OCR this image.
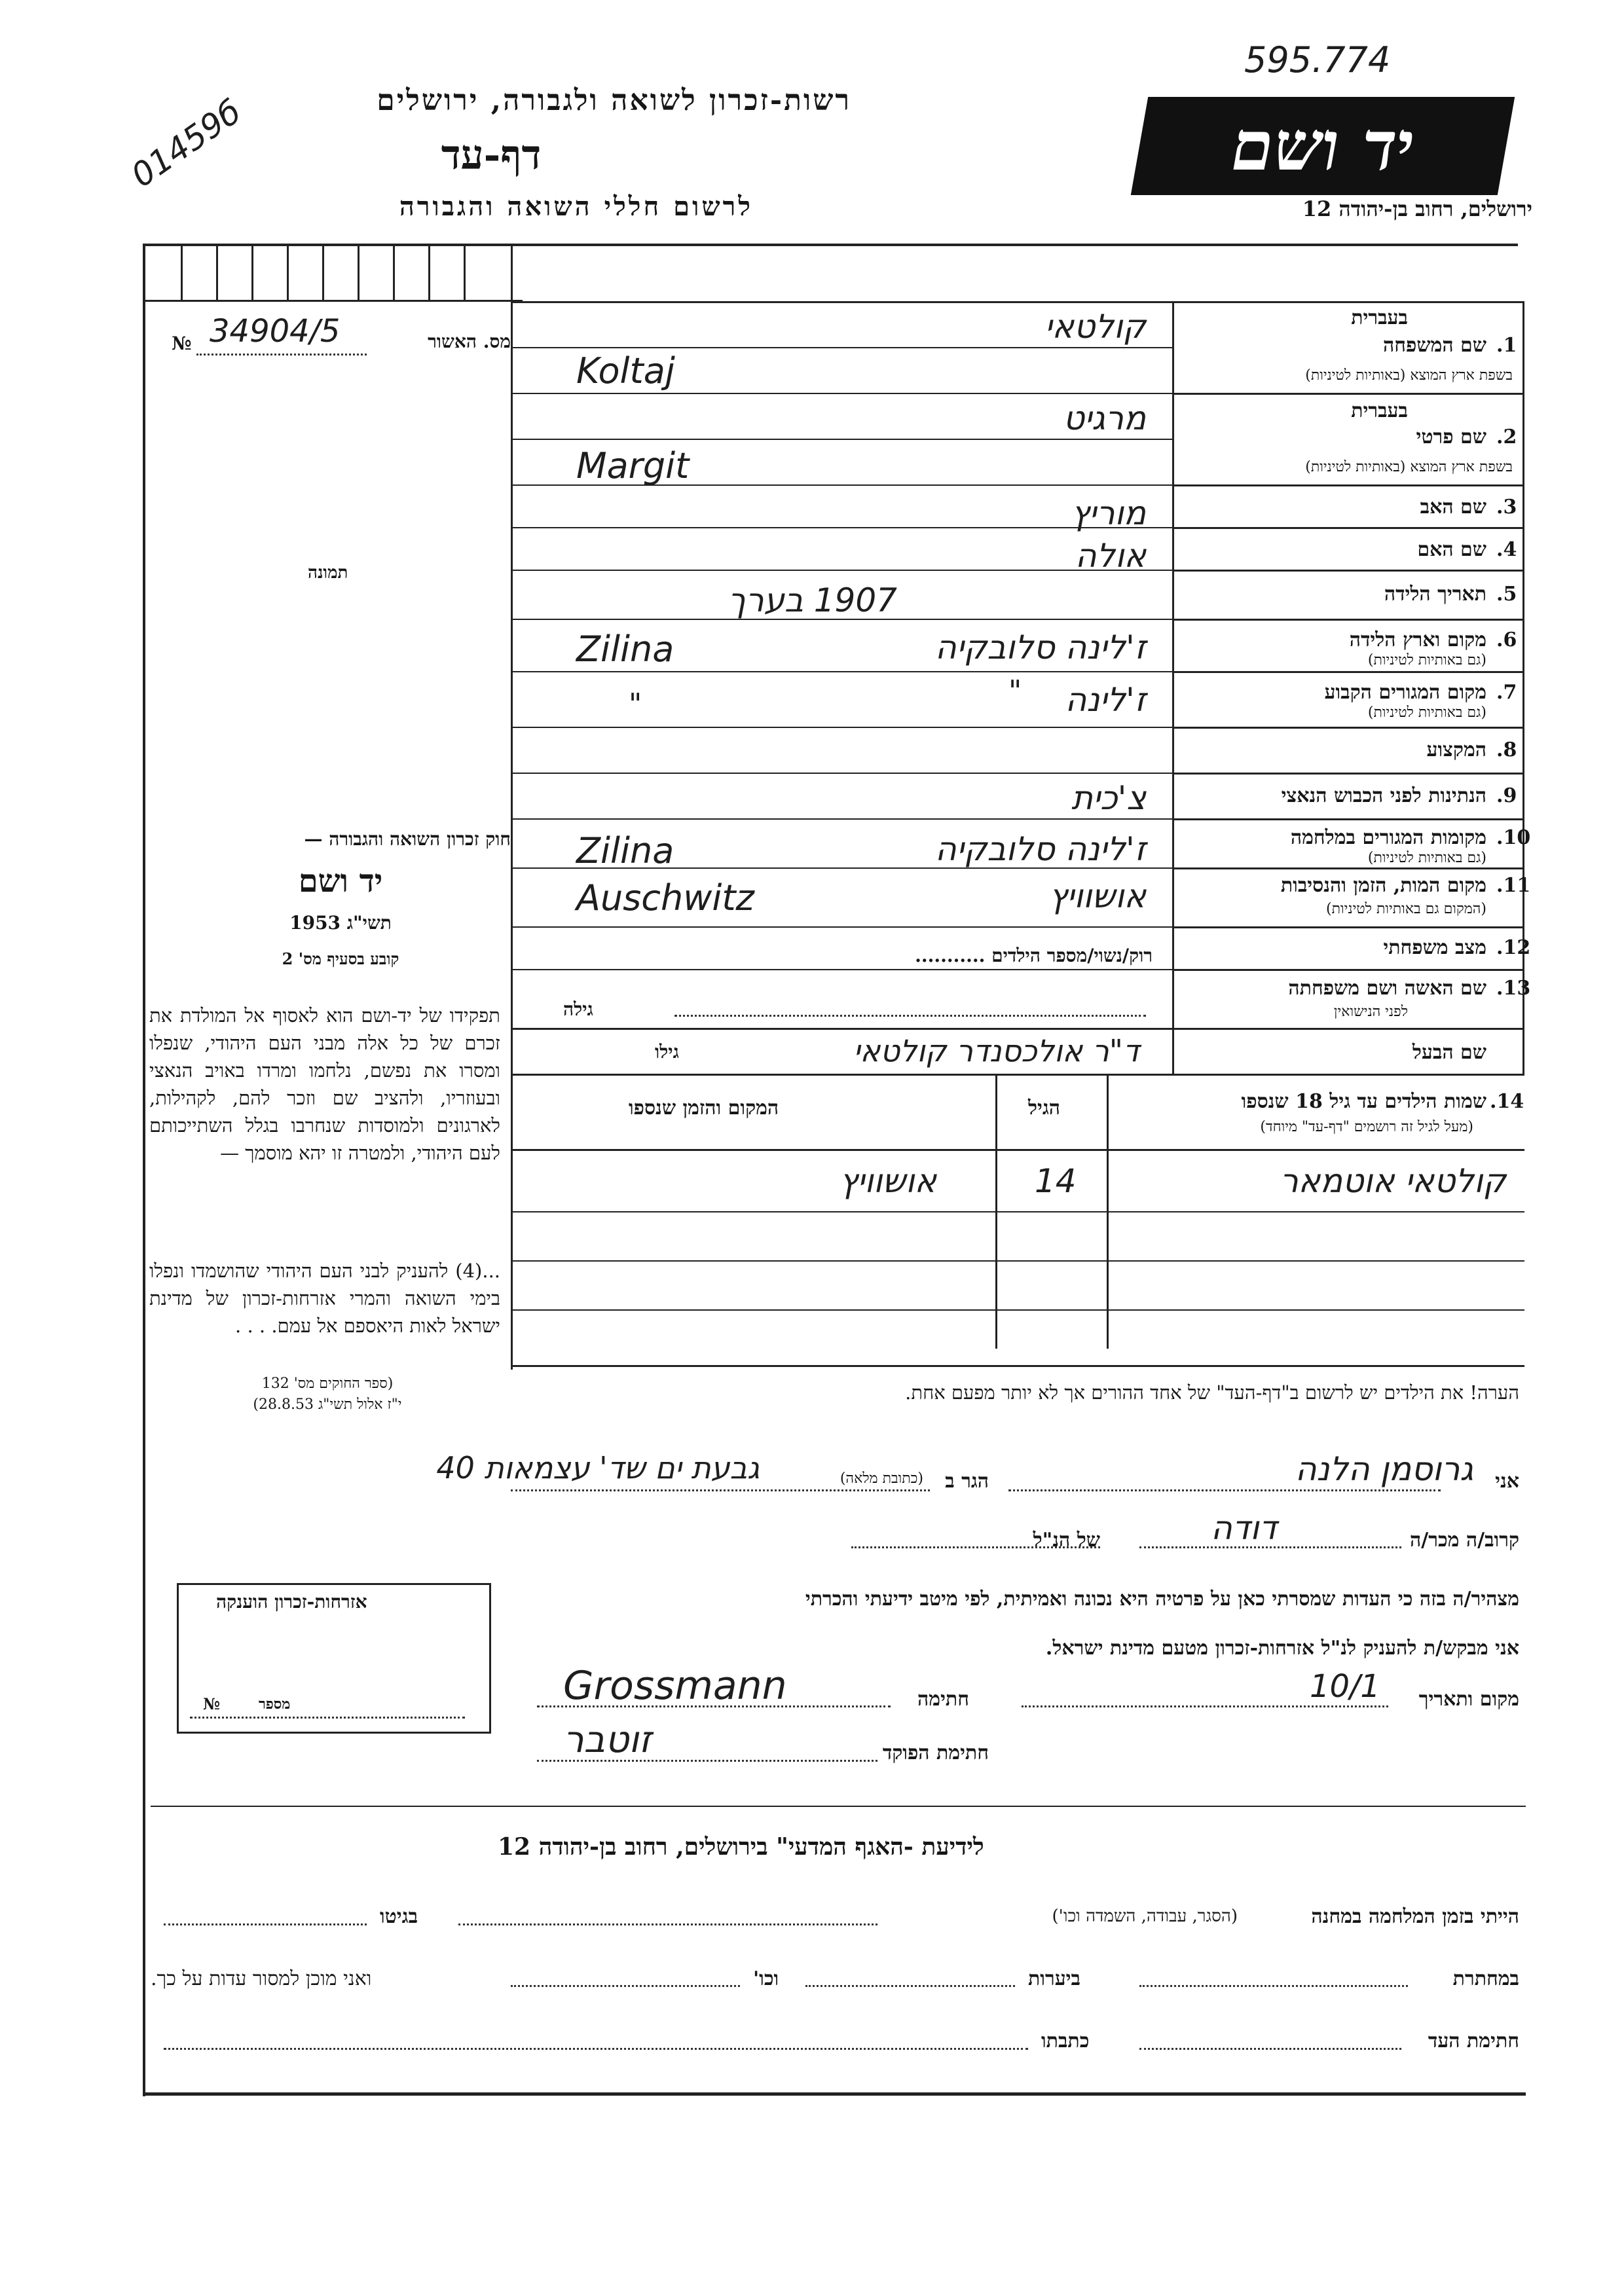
595.774
01459б	רשות-זכרון לשואה ולגבורה, ירושלים
דף-עד
לרשום חללי השואה והגבורה
יד ושם
ירושלים, רחוב בן-יהודה 12
מס. האשור
№ 34904/5
תמונה
חוק זכרון השואה והגבורה —
יד ושם
1953 תשי"ג
קובע בסעיף מס' 2
תפקידו של יד-ושם הוא לאסוף אל המולדת את זכרם של כל אלה מבני העם היהודי, שנפלו ומסרו את נפשם, נלחמו ומרדו באויב הנאצי ובעוזריו, ולהציב שם וזכר להם, לקהילות, לארגונים ולמוסדות שנחרבו בגלל השתייכותם לעם היהודי, ולמטרה זו יהא מוסמך —
...(4) להעניק לבני העם היהודי שהושמדו ונפלו בימי השואה והמרי אזרחות-זכרון של מדינת ישראל לאות היאספם אל עמם. . . .
(ספר החוקים מס' 132
י"ז אלול תשי"ג 28.8.53)
אזרחות-זכרון הוענקה
מספר
№
1.
שם המשפחה
בעברית
בשפת ארץ המוצא (באותיות לטיניות)
קולטאי
Koltaj
2.
שם פרטי
בעברית
בשפת ארץ המוצא (באותיות לטיניות)
מרגיט
Margit
3.
שם האב
מוריץ
4.
שם האם
אולה
5.
תאריך הלידה
1907 בערך
6.
מקום וארץ הלידה
(גם באותיות לטיניות)
ז'לינה סלובקיה
Zilina
7.
מקום המגורים הקבוע
(גם באותיות לטיניות)
ז'לינה
"
"
8.
המקצוע
9.
הנתינות לפני הכבוש הנאצי
צ'כית
10.
מקומות המגורים במלחמה
(גם באותיות לטיניות)
ז'לינה סלובקיה
Zilina
11.
מקום המות, הזמן והנסיבות
(המקום גם באותיות לטיניות)
אושוויץ
Auschwitz
12.
מצב משפחתי
רוק/נשוי/מספר הילדים ...........
13.
שם האשה ושם משפחתה
לפני הנישואין
גילה
שם הבעל
ד"ר אולכסנדר קולטאי
גילו
14.
שמות הילדים עד גיל 18 שנספו
(מעל לגיל זה רושמים "דף-עד" מיוחד)
הגיל
המקום והזמן שנספו
קולטאי אוטמאר
14
אושוויץ
הערה! את הילדים יש לרשום ב"דף-העד" של אחד ההורים אך לא יותר מפעם אחת.
אני
גרוסמן הלנה
הגר ב
(כתובת מלאה)
גבעת ים שד' עצמאות 40
קרוב/ה מכר/ה
דודה
של הנ"ל
מצהיר/ה בזה כי העדות שמסרתי כאן על פרטיה היא נכונה ואמיתית, לפי מיטב ידיעתי והכרתי
אני מבקש/ת להעניק לנ"ל אזרחות-זכרון מטעם מדינת ישראל.
מקום ותאריך
10/1
חתימה
Grossmann
חתימת הפוקד
זוטבר
לידיעת -האגף המדעי" בירושלים, רחוב בן-יהודה 12
הייתי בזמן המלחמה במחנה
(הסגר, עבודה, השמדה וכו')
בגיטו
במחתרת
ביערות
וכו'
ואני מוכן למסור עדות על כך.
חתימת העד
כתבתו
